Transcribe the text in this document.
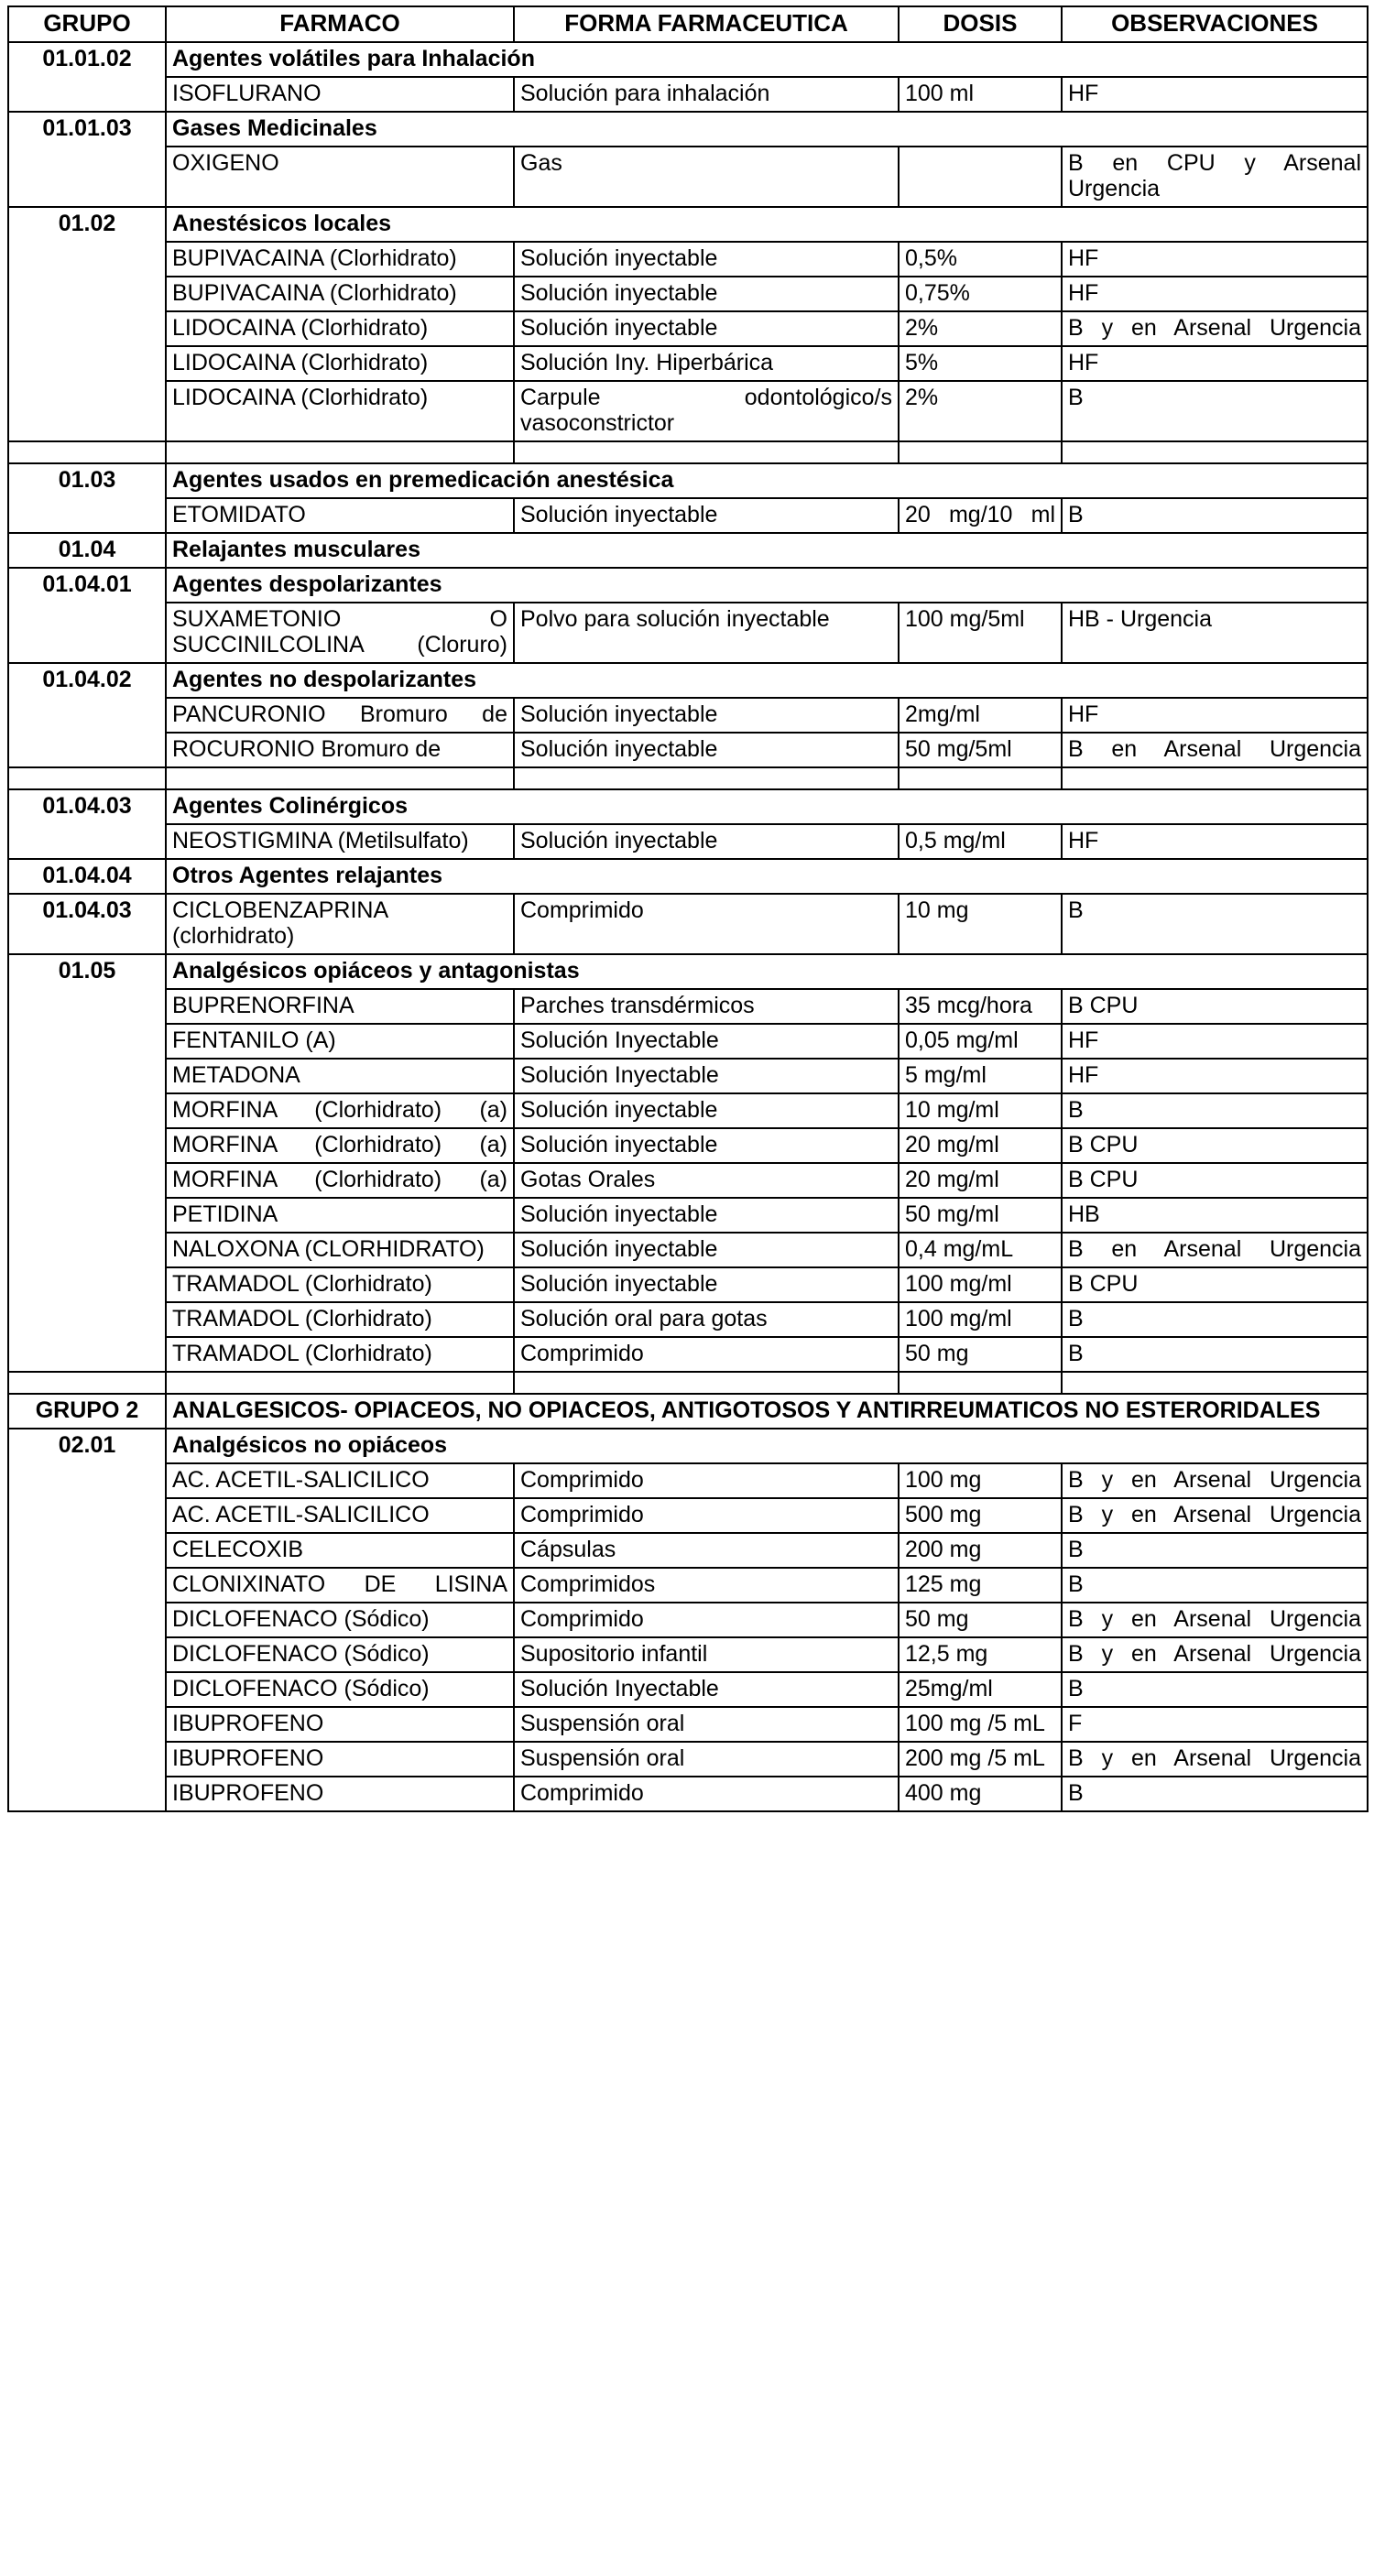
GRUPO	FARMACO	FORMA FARMACEUTICA	DOSIS	OBSERVACIONES
01.01.02	Agentes volátiles para Inhalación			
	ISOFLURANO	Solución para inhalación	100 ml	HF
01.01.03	Gases Medicinales			
	OXIGENO	Gas		B en CPU y Arsenal Urgencia
01.02	Anestésicos locales			
	BUPIVACAINA (Clorhidrato)	Solución inyectable	0,5%	HF
	BUPIVACAINA (Clorhidrato)	Solución inyectable	0,75%	HF
	LIDOCAINA (Clorhidrato)	Solución inyectable	2%	B y en Arsenal Urgencia
	LIDOCAINA (Clorhidrato)	Solución Iny. Hiperbárica	5%	HF
	LIDOCAINA (Clorhidrato)	Carpule odontológico/s vasoconstrictor	2%	B

01.03	Agentes usados en premedicación anestésica			
	ETOMIDATO	Solución inyectable	20 mg/10 ml	B
01.04	Relajantes musculares			
01.04.01	Agentes despolarizantes			
	SUXAMETONIO O SUCCINILCOLINA (Cloruro)	Polvo para solución inyectable	100 mg/5ml	HB - Urgencia
01.04.02	Agentes no despolarizantes			
	PANCURONIO Bromuro de	Solución inyectable	2mg/ml	HF
	ROCURONIO Bromuro de	Solución inyectable	50 mg/5ml	B en Arsenal Urgencia

01.04.03	Agentes Colinérgicos			
	NEOSTIGMINA (Metilsulfato)	Solución inyectable	0,5 mg/ml	HF
01.04.04	Otros Agentes relajantes			
01.04.03	CICLOBENZAPRINA (clorhidrato)	Comprimido	10 mg	B
01.05	Analgésicos opiáceos y antagonistas			
	BUPRENORFINA	Parches transdérmicos	35 mcg/hora	B CPU
	FENTANILO (A)	Solución Inyectable	0,05 mg/ml	HF
	METADONA	Solución Inyectable	5 mg/ml	HF
	MORFINA (Clorhidrato) (a)	Solución inyectable	10 mg/ml	B
	MORFINA (Clorhidrato) (a)	Solución inyectable	20 mg/ml	B CPU
	MORFINA (Clorhidrato) (a)	Gotas Orales	20 mg/ml	B CPU
	PETIDINA	Solución inyectable	50 mg/ml	HB
	NALOXONA (CLORHIDRATO)	Solución inyectable	0,4 mg/mL	B en Arsenal Urgencia
	TRAMADOL (Clorhidrato)	Solución inyectable	100 mg/ml	B CPU
	TRAMADOL (Clorhidrato)	Solución oral para gotas	100 mg/ml	B
	TRAMADOL (Clorhidrato)	Comprimido	50 mg	B

GRUPO 2	ANALGESICOS- OPIACEOS, NO OPIACEOS, ANTIGOTOSOS Y ANTIRREUMATICOS NO ESTERORIDALES			
02.01	Analgésicos no opiáceos			
	AC. ACETIL-SALICILICO	Comprimido	100 mg	B y en Arsenal Urgencia
	AC. ACETIL-SALICILICO	Comprimido	500 mg	B y en Arsenal Urgencia
	CELECOXIB	Cápsulas	200 mg	B
	CLONIXINATO DE LISINA	Comprimidos	125 mg	B
	DICLOFENACO (Sódico)	Comprimido	50 mg	B y en Arsenal Urgencia
	DICLOFENACO (Sódico)	Supositorio infantil	12,5 mg	B y en Arsenal Urgencia
	DICLOFENACO (Sódico)	Solución Inyectable	25mg/ml	B
	IBUPROFENO	Suspensión oral	100 mg /5 mL	F
	IBUPROFENO	Suspensión oral	200 mg /5 mL	B y en Arsenal Urgencia
	IBUPROFENO	Comprimido	400 mg	B
